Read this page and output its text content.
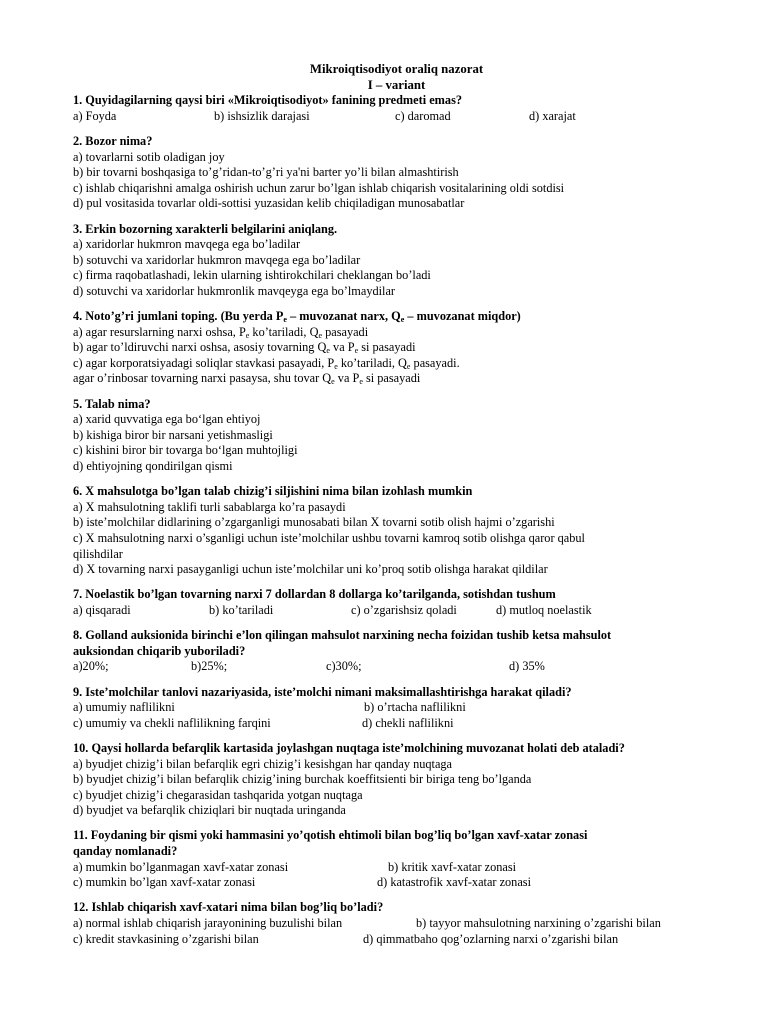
Mikroiqtisodiyot oraliq nazorat
I – variant
1. Quyidagilarning qaysi biri «Mikroiqtisodiyot» fanining predmeti emas?
a) Foyda	b) ishsizlik darajasi	c) daromad	d) xarajat
2. Bozor nima?
a) tovarlarni sotib oladigan joy
b) bir tovarni boshqasiga to’g’ridan-to’g’ri ya'ni barter yo’li bilan almashtirish
c) ishlab chiqarishni amalga oshirish uchun zarur bo’lgan ishlab chiqarish vositalarining oldi sotdisi
d) pul vositasida tovarlar oldi-sottisi yuzasidan kelib chiqiladigan munosabatlar
3. Erkin bozorning xarakterli belgilarini aniqlang.
a) xaridorlar hukmron mavqega ega bo’ladilar
b) sotuvchi va xaridorlar hukmron mavqega ega bo’ladilar
c) firma raqobatlashadi, lekin ularning ishtirokchilari cheklangan bo’ladi
d) sotuvchi va xaridorlar hukmronlik mavqeyga ega bo’lmaydilar
4. Noto’g’ri jumlani toping. (Bu yerda $P_e$ – muvozanat narx, $Q_e$ – muvozanat miqdor)
a) agar resurslarning narxi oshsa, $P_e$ ko’tariladi, $Q_e$ pasayadi
b) agar to’ldiruvchi narxi oshsa, asosiy tovarning $Q_e$ va $P_e$ si pasayadi
c) agar korporatsiyadagi soliqlar stavkasi pasayadi, $P_e$ ko’tariladi, $Q_e$ pasayadi.
agar o’rinbosar tovarning narxi pasaysa, shu tovar $Q_e$ va $P_e$ si pasayadi
5. Talab nima?
a) xarid quvvatiga ega bo‘lgan ehtiyoj
b) kishiga biror bir narsani yetishmasligi
c) kishini biror bir tovarga bo‘lgan muhtojligi
d) ehtiyojning qondirilgan qismi
6. X mahsulotga bo’lgan talab chizig’i siljishini nima bilan izohlash mumkin
a) X mahsulotning taklifi turli sabablarga ko’ra pasaydi
b) iste’molchilar didlarining o’zgarganligi munosabati bilan X tovarni sotib olish hajmi o’zgarishi
c) X mahsulotning narxi o’sganligi uchun iste’molchilar ushbu tovarni kamroq sotib olishga qaror qabul
qilishdilar
d) X tovarning narxi pasayganligi uchun iste’molchilar uni ko’proq sotib olishga harakat qildilar
7. Noelastik bo’lgan tovarning narxi 7 dollardan 8 dollarga ko’tarilganda, sotishdan tushum
a) qisqaradi	b) ko’tariladi	c) o’zgarishsiz qoladi	d) mutloq noelastik
8. Golland auksionida birinchi e’lon qilingan mahsulot narxining necha foizidan tushib ketsa mahsulot
auksiondan chiqarib yuboriladi?
a)20%;	b)25%;	c)30%;	d) 35%
9. Iste’molchilar tanlovi nazariyasida, iste’molchi nimani maksimallashtirishga harakat qiladi?
a) umumiy naflilikni	b) o’rtacha naflilikni
c) umumiy va chekli naflilikning farqini	d) chekli naflilikni
10. Qaysi hollarda befarqlik kartasida joylashgan nuqtaga iste’molchining muvozanat holati deb ataladi?
a) byudjet chizig’i bilan befarqlik egri chizig’i kesishgan har qanday nuqtaga
b) byudjet chizig’i bilan befarqlik chizig’ining burchak koeffitsienti bir biriga teng bo’lganda
c) byudjet chizig’i chegarasidan tashqarida yotgan nuqtaga
d) byudjet va befarqlik chiziqlari bir nuqtada uringanda
11. Foydaning bir qismi yoki hammasini yo’qotish ehtimoli bilan bog’liq bo’lgan xavf-xatar zonasi
qanday nomlanadi?
a) mumkin bo’lganmagan xavf-xatar zonasi	b) kritik xavf-xatar zonasi
c) mumkin bo’lgan xavf-xatar zonasi	d) katastrofik xavf-xatar zonasi
12. Ishlab chiqarish xavf-xatari nima bilan bog’liq bo’ladi?
a) normal ishlab chiqarish jarayonining buzulishi bilan	b) tayyor mahsulotning narxining o’zgarishi bilan
c) kredit stavkasining o’zgarishi bilan	d) qimmatbaho qog’ozlarning narxi o’zgarishi bilan
